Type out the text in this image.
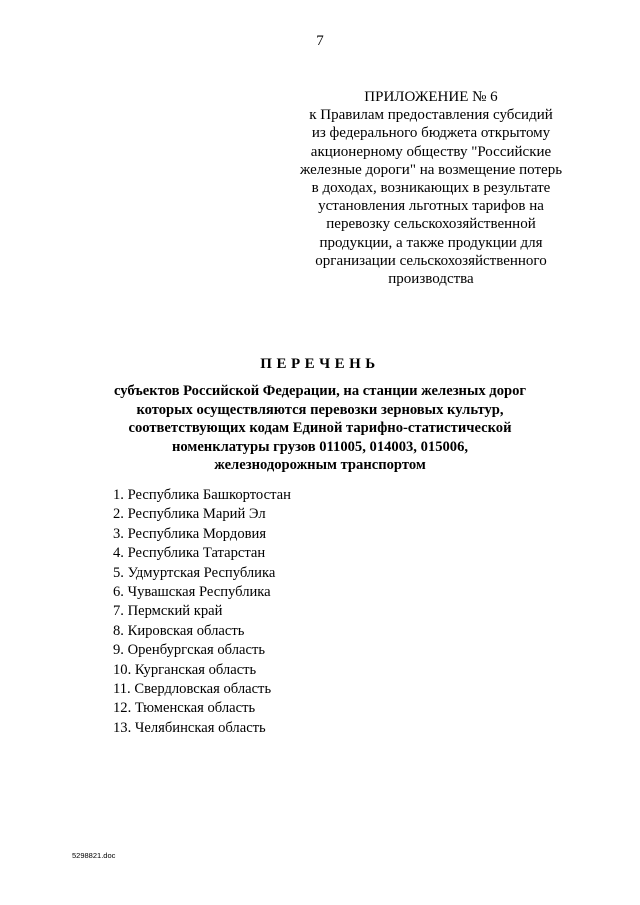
7
ПРИЛОЖЕНИЕ № 6
к Правилам предоставления субсидий
из федерального бюджета открытому
акционерному обществу "Российские
железные дороги" на возмещение потерь
в доходах, возникающих в результате
установления льготных тарифов на
перевозку сельскохозяйственной
продукции, а также продукции для
организации сельскохозяйственного
производства
ПЕРЕЧЕНЬ
субъектов Российской Федерации, на станции железных дорог
которых осуществляются перевозки зерновых культур,
соответствующих кодам Единой тарифно-статистической
номенклатуры грузов 011005, 014003, 015006,
железнодорожным транспортом
1. Республика Башкортостан
2. Республика Марий Эл
3. Республика Мордовия
4. Республика Татарстан
5. Удмуртская Республика
6. Чувашская Республика
7. Пермский край
8. Кировская область
9. Оренбургская область
10. Курганская область
11. Свердловская область
12. Тюменская область
13. Челябинская область
5298821.doc
